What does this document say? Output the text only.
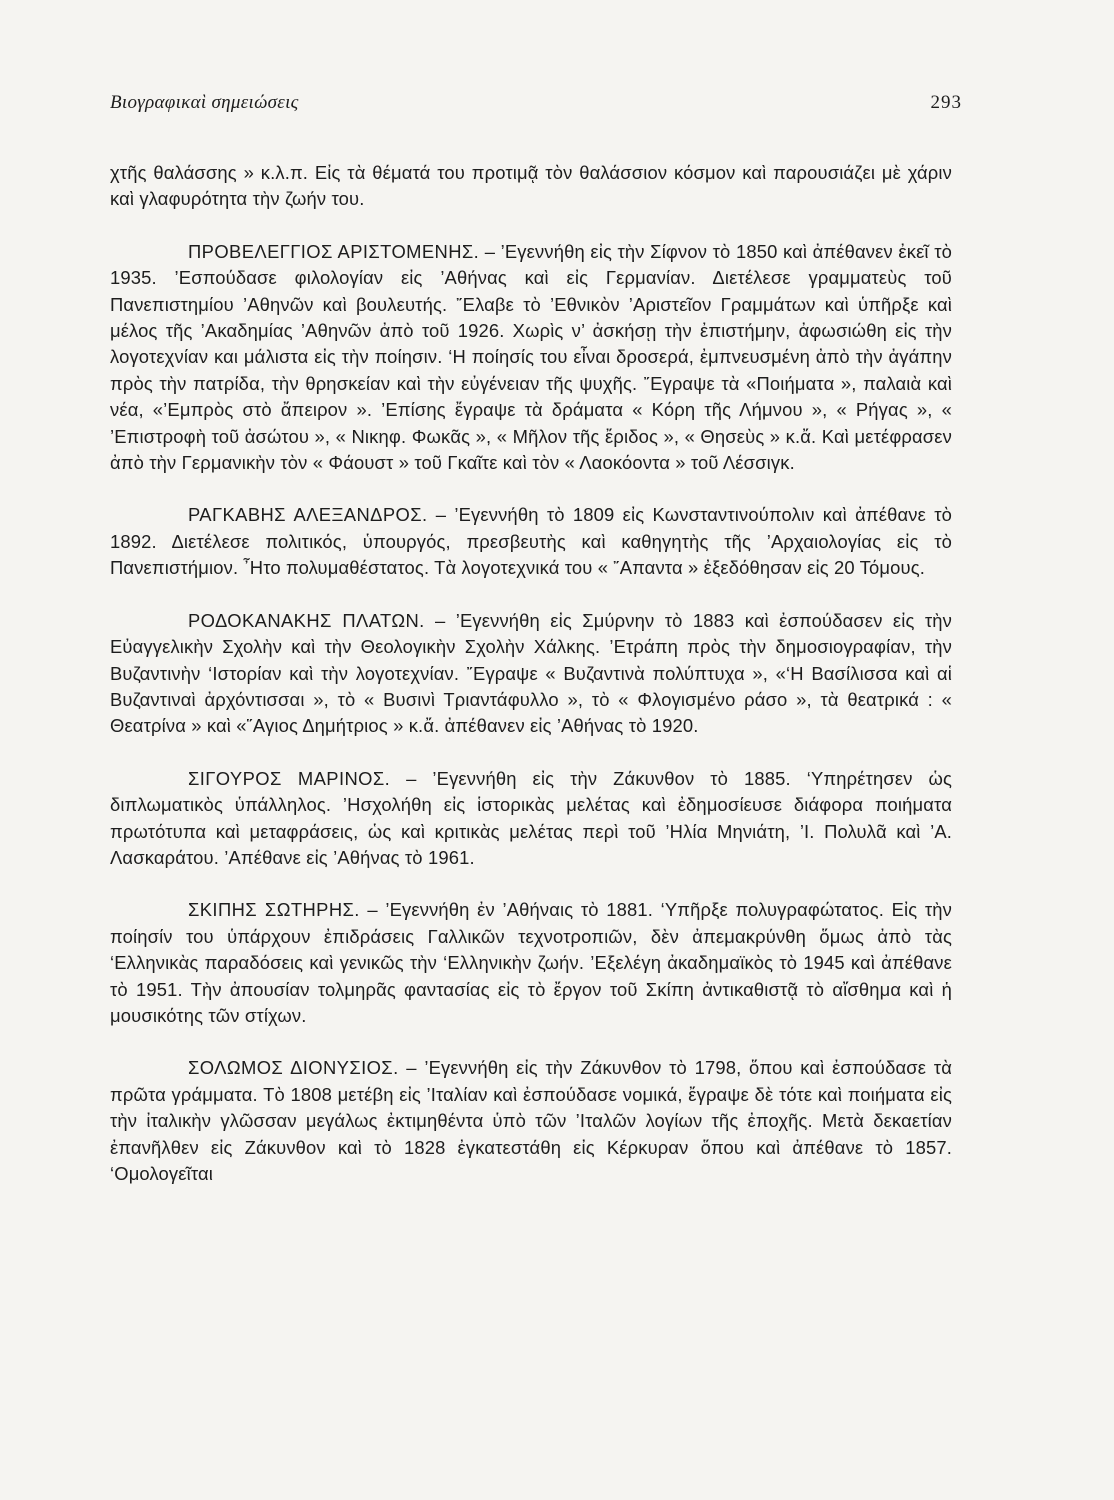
Βιογραφικαὶ σημειώσεις	293

χτῆς θαλάσσης » κ.λ.π. Εἰς τὰ θέματά του προτιμᾷ τὸν θαλάσσιον κόσμον καὶ παρουσιάζει μὲ χάριν καὶ γλαφυρότητα τὴν ζωήν του.

ΠΡΟΒΕΛΕΓΓΙΟΣ ΑΡΙΣΤΟΜΕΝΗΣ. – ’Εγεννήθη εἰς τὴν Σίφνον τὸ 1850 καὶ ἀπέθανεν ἐκεῖ τὸ 1935. ’Εσπούδασε φιλολογίαν εἰς ’Αθήνας καὶ εἰς Γερμανίαν. Διετέλεσε γραμματεὺς τοῦ Πανεπιστημίου ’Αθηνῶν καὶ βουλευτής. ῎Ελαβε τὸ ’Εθνικὸν ’Αριστεῖον Γραμμάτων καὶ ὑπῆρξε καὶ μέλος τῆς ’Ακαδημίας ’Αθηνῶν ἀπὸ τοῦ 1926. Χωρὶς ν’ ἀσκήσῃ τὴν ἐπιστήμην, ἀφωσιώθη εἰς τὴν λογοτεχνίαν και μάλιστα εἰς τὴν ποίησιν. ‘Η ποίησίς του εἶναι δροσερά, ἐμπνευσμένη ἀπὸ τὴν ἀγάπην πρὸς τὴν πατρίδα, τὴν θρησκείαν καὶ τὴν εὐγένειαν τῆς ψυχῆς. ῎Εγραψε τὰ «Ποιήματα », παλαιὰ καὶ νέα, «’Εμπρὸς στὸ ἄπειρον ». ’Επίσης ἔγραψε τὰ δράματα « Κόρη τῆς Λήμνου », « Ρήγας », « ’Επιστροφὴ τοῦ ἀσώτου », « Νικηφ. Φωκᾶς », « Μῆλον τῆς ἔριδος », « Θησεὺς » κ.ἄ. Καὶ μετέφρασεν ἀπὸ τὴν Γερμανικὴν τὸν « Φάουστ » τοῦ Γκαῖτε καὶ τὸν « Λαοκόοντα » τοῦ Λέσσιγκ.

ΡΑΓΚΑΒΗΣ ΑΛΕΞΑΝΔΡΟΣ. – ’Εγεννήθη τὸ 1809 εἰς Κωνσταντινούπολιν καὶ ἀπέθανε τὸ 1892. Διετέλεσε πολιτικός, ὑπουργός, πρεσβευτὴς καὶ καθηγητὴς τῆς ’Αρχαιολογίας εἰς τὸ Πανεπιστήμιον. ῏Ητο πολυμαθέστατος. Τὰ λογοτεχνικά του « ῎Απαντα » ἐξεδόθησαν εἰς 20 Τόμους.

ΡΟΔΟΚΑΝΑΚΗΣ ΠΛΑΤΩΝ. – ’Εγεννήθη εἰς Σμύρνην τὸ 1883 καὶ ἐσπούδασεν εἰς τὴν Εὐαγγελικὴν Σχολὴν καὶ τὴν Θεολογικὴν Σχολὴν Χάλκης. ’Ετράπη πρὸς τὴν δημοσιογραφίαν, τὴν Βυζαντινὴν ‘Ιστορίαν καὶ τὴν λογοτεχνίαν. ῎Εγραψε « Βυζαντινὰ πολύπτυχα », «‘Η Βασίλισσα καὶ αἱ Βυζαντιναὶ ἀρχόντισσαι », τὸ « Βυσινὶ Τριαντάφυλλο », τὸ « Φλογισμένο ράσο », τὰ θεατρικά : « Θεατρίνα » καὶ «῞Αγιος Δημήτριος » κ.ἄ. ἀπέθανεν εἰς ’Αθήνας τὸ 1920.

ΣΙΓΟΥΡΟΣ ΜΑΡΙΝΟΣ. – ’Εγεννήθη εἰς τὴν Ζάκυνθον τὸ 1885. ‘Υπηρέτησεν ὡς διπλωματικὸς ὑπάλληλος. ’Ησχολήθη εἰς ἱστορικὰς μελέτας καὶ ἐδημοσίευσε διάφορα ποιήματα πρωτότυπα καὶ μεταφράσεις, ὡς καὶ κριτικὰς μελέτας περὶ τοῦ ’Ηλία Μηνιάτη, ’Ι. Πολυλᾶ καὶ ’Α. Λασκαράτου. ’Απέθανε εἰς ’Αθήνας τὸ 1961.

ΣΚΙΠΗΣ ΣΩΤΗΡΗΣ. – ’Εγεννήθη ἐν ’Αθήναις τὸ 1881. ‘Υπῆρξε πολυγραφώτατος. Εἰς τὴν ποίησίν του ὑπάρχουν ἐπιδράσεις Γαλλικῶν τεχνοτροπιῶν, δὲν ἀπεμακρύνθη ὅμως ἀπὸ τὰς ‘Ελληνικὰς παραδόσεις καὶ γενικῶς τὴν ‘Ελληνικὴν ζωήν. ’Εξελέγη ἀκαδημαϊκὸς τὸ 1945 καὶ ἀπέθανε τὸ 1951. Τὴν ἀπουσίαν τολμηρᾶς φαντασίας εἰς τὸ ἔργον τοῦ Σκίπη ἀντικαθιστᾷ τὸ αἴσθημα καὶ ἡ μουσικότης τῶν στίχων.

ΣΟΛΩΜΟΣ ΔΙΟΝΥΣΙΟΣ. – ’Εγεννήθη εἰς τὴν Ζάκυνθον τὸ 1798, ὅπου καὶ ἐσπούδασε τὰ πρῶτα γράμματα. Τὸ 1808 μετέβη εἰς ’Ιταλίαν καὶ ἐσπούδασε νομικά, ἔγραψε δὲ τότε καὶ ποιήματα εἰς τὴν ἰταλικὴν γλῶσσαν μεγάλως ἐκτιμηθέντα ὑπὸ τῶν ’Ιταλῶν λογίων τῆς ἐποχῆς. Μετὰ δεκαετίαν ἐπανῆλθεν εἰς Ζάκυνθον καὶ τὸ 1828 ἐγκατεστάθη εἰς Κέρκυραν ὅπου καὶ ἀπέθανε τὸ 1857. ‘Ομολογεῖται
